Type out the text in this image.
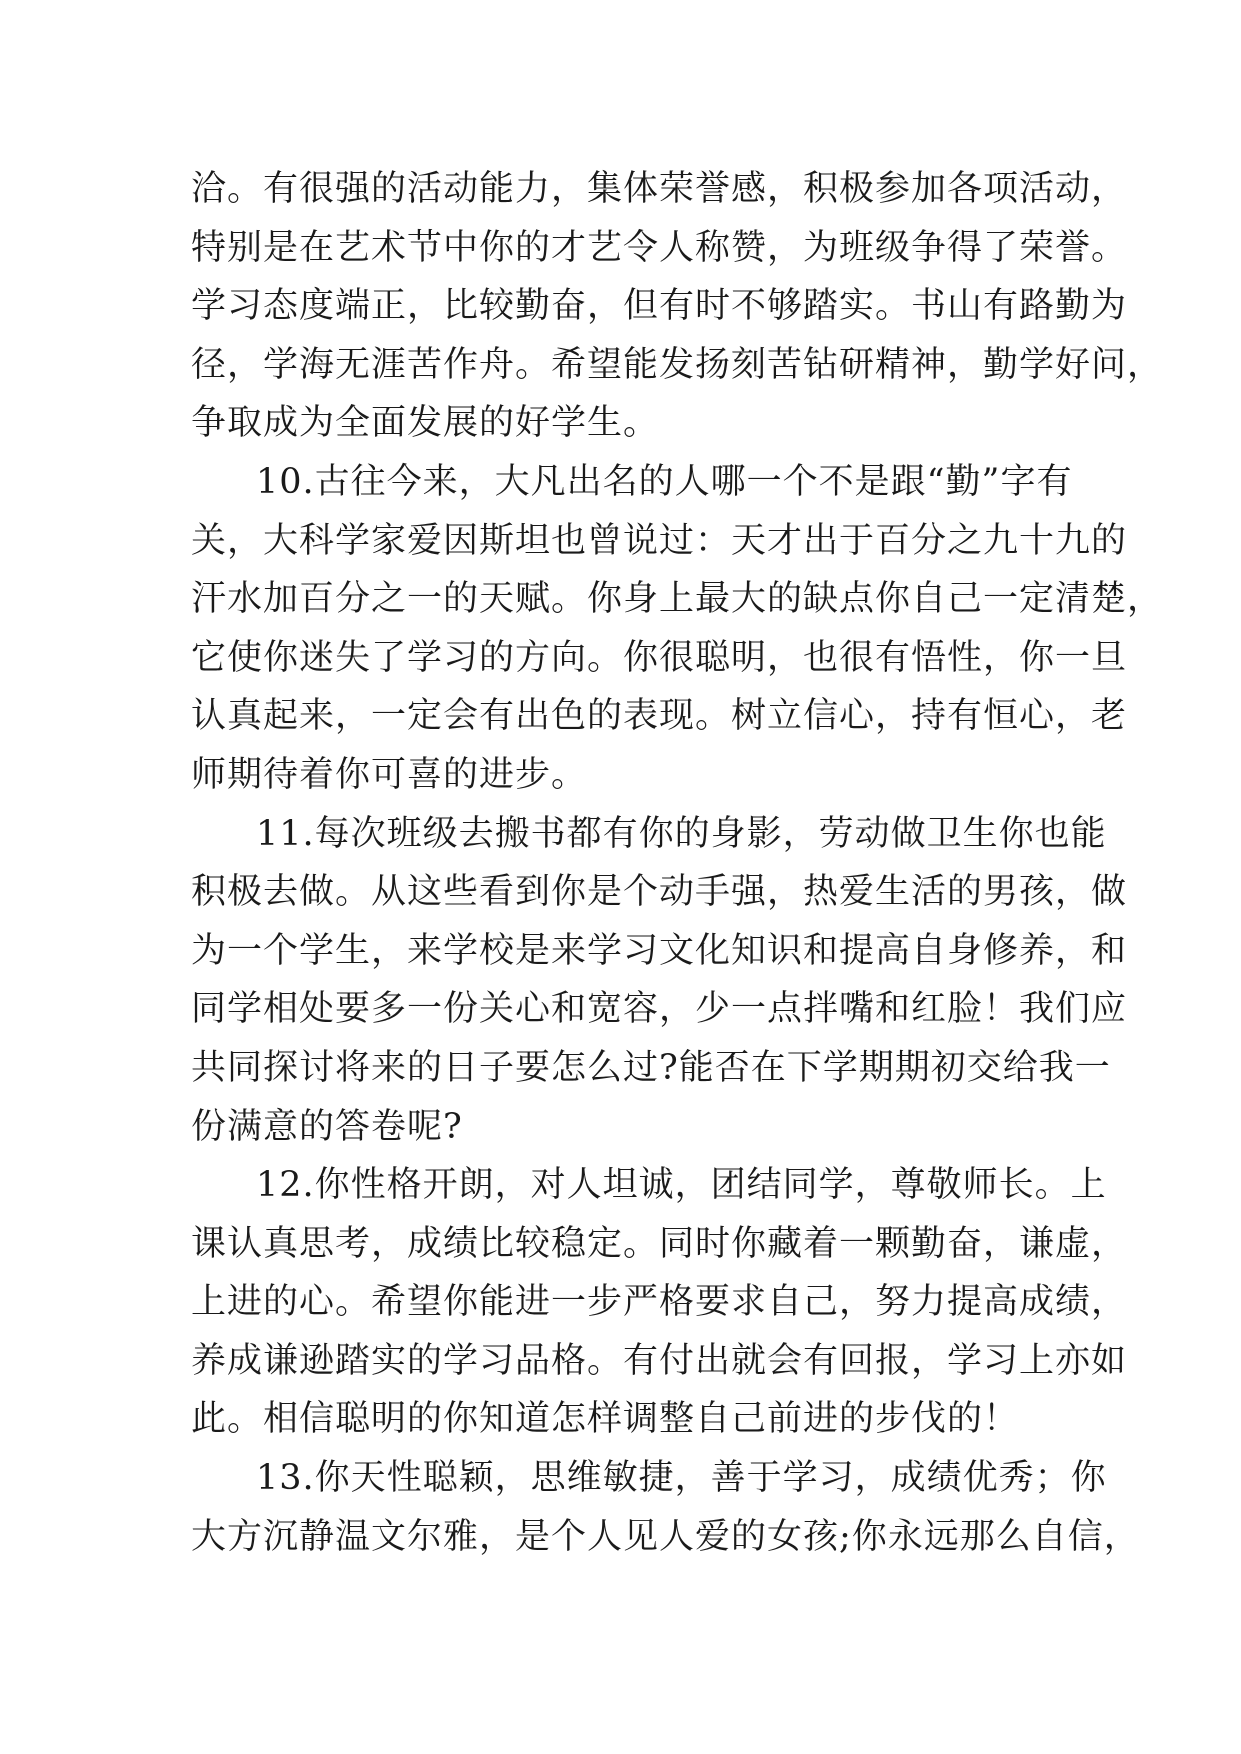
洽。有很强的活动能力，集体荣誉感，积极参加各项活动，
特别是在艺术节中你的才艺令人称赞，为班级争得了荣誉。
学习态度端正，比较勤奋，但有时不够踏实。书山有路勤为
径，学海无涯苦作舟。希望能发扬刻苦钻研精神，勤学好问，
争取成为全面发展的好学生。
10.古往今来，大凡出名的人哪一个不是跟“勤”字有
关，大科学家爱因斯坦也曾说过：天才出于百分之九十九的
汗水加百分之一的天赋。你身上最大的缺点你自己一定清楚，
它使你迷失了学习的方向。你很聪明，也很有悟性，你一旦
认真起来，一定会有出色的表现。树立信心，持有恒心，老
师期待着你可喜的进步。
11.每次班级去搬书都有你的身影，劳动做卫生你也能
积极去做。从这些看到你是个动手强，热爱生活的男孩，做
为一个学生，来学校是来学习文化知识和提高自身修养，和
同学相处要多一份关心和宽容，少一点拌嘴和红脸！我们应
共同探讨将来的日子要怎么过?能否在下学期期初交给我一
份满意的答卷呢?
12.你性格开朗，对人坦诚，团结同学，尊敬师长。上
课认真思考，成绩比较稳定。同时你藏着一颗勤奋，谦虚，
上进的心。希望你能进一步严格要求自己，努力提高成绩，
养成谦逊踏实的学习品格。有付出就会有回报，学习上亦如
此。相信聪明的你知道怎样调整自己前进的步伐的！
13.你天性聪颖，思维敏捷，善于学习，成绩优秀；你
大方沉静温文尔雅，是个人见人爱的女孩;你永远那么自信，
